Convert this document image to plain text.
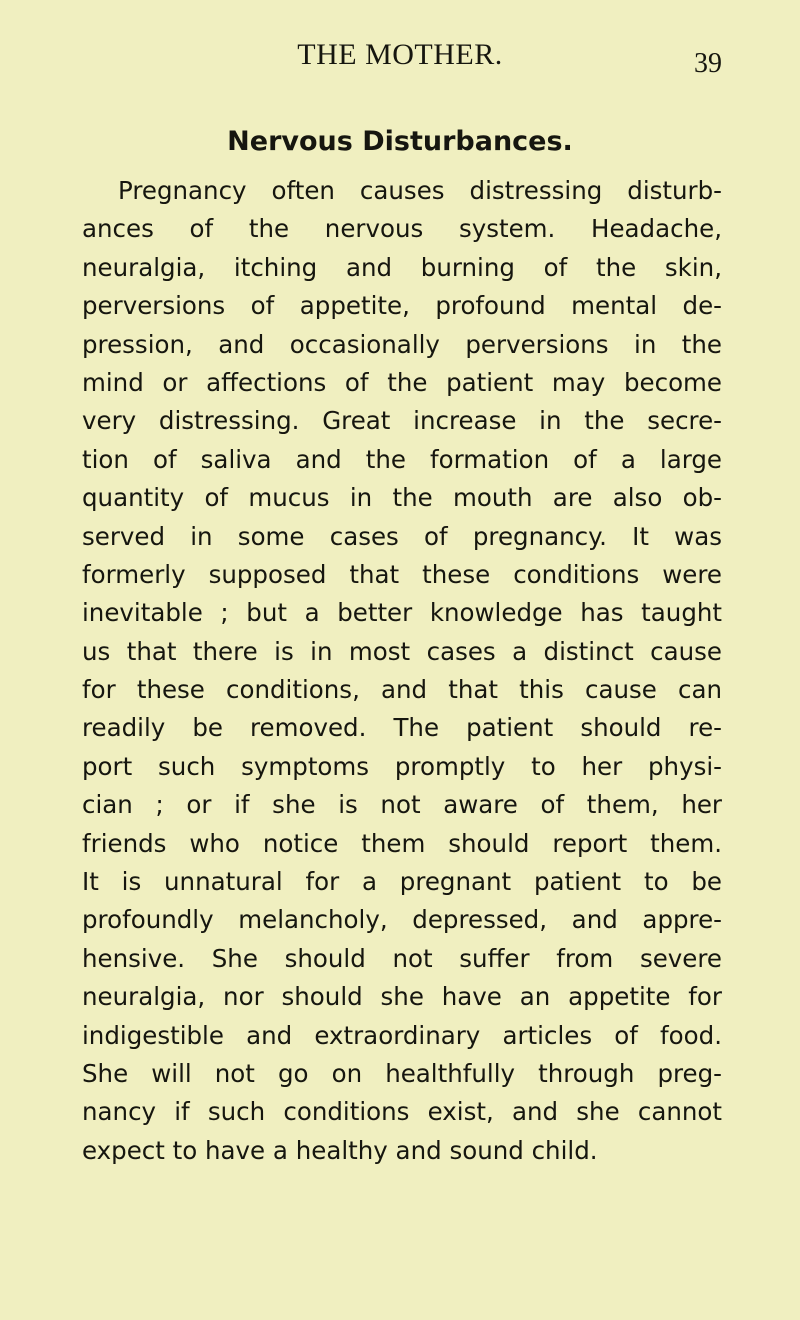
THE MOTHER.	39
Nervous Disturbances.
Pregnancy often causes distressing disturb-
ances of the nervous system. Headache,
neuralgia, itching and burning of the skin,
perversions of appetite, profound mental de-
pression, and occasionally perversions in the
mind or affections of the patient may become
very distressing. Great increase in the secre-
tion of saliva and the formation of a large
quantity of mucus in the mouth are also ob-
served in some cases of pregnancy. It was
formerly supposed that these conditions were
inevitable ; but a better knowledge has taught
us that there is in most cases a distinct cause
for these conditions, and that this cause can
readily be removed. The patient should re-
port such symptoms promptly to her physi-
cian ; or if she is not aware of them, her
friends who notice them should report them.
It is unnatural for a pregnant patient to be
profoundly melancholy, depressed, and appre-
hensive. She should not suffer from severe
neuralgia, nor should she have an appetite for
indigestible and extraordinary articles of food.
She will not go on healthfully through preg-
nancy if such conditions exist, and she cannot
expect to have a healthy and sound child.
